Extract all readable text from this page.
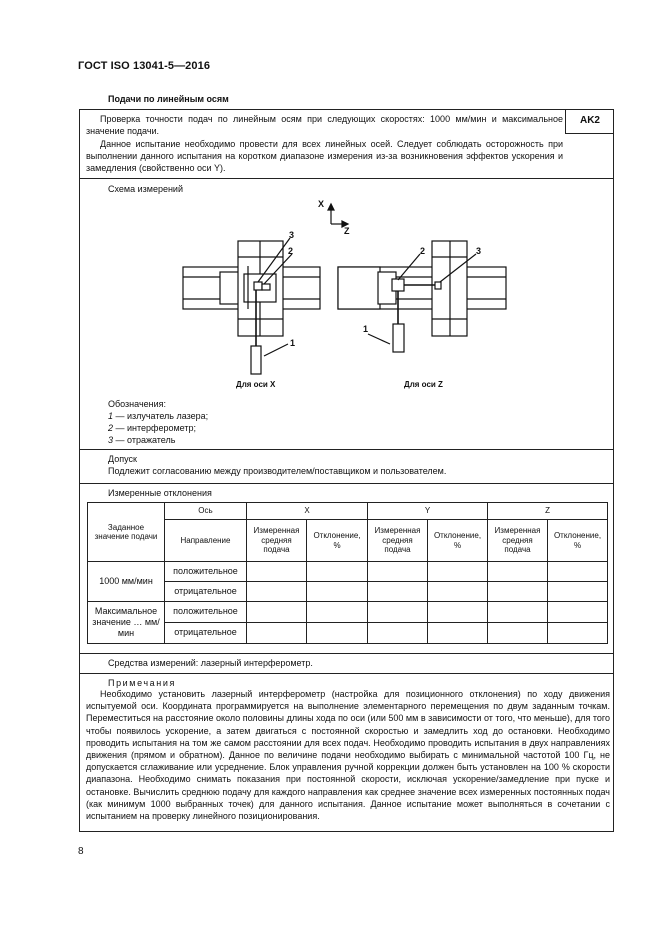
ГОСТ ISO 13041-5—2016
Подачи по линейным осям
AK2
Проверка точности подач по линейным осям при следующих скоростях: 1000 мм/мин и максимальное значение подачи.
Данное испытание необходимо провести для всех линейных осей. Следует соблюдать осторожность при выполнении данного испытания на коротком диапазоне измерения из-за возникновения эффектов ускорения и замедления (свойственно оси Y).
Схема измерений
X
Z
3
2
1
2	3
1
Для оси X	Для оси Z
Обозначения:
1 — излучатель лазера;
2 — интерферометр;
3 — отражатель
Допуск
Подлежит согласованию между производителем/поставщиком и пользователем.
Измеренные отклонения
Заданное значение подачи	Ось	X		Y		Z	
	Направление	Измеренная средняя подача	Отклонение, %	Измеренная средняя подача	Отклонение, %	Измеренная средняя подача	Отклонение, %

1000 мм/мин	положительное						
	отрицательное						
Максимальное значение … мм/мин	положительное						
	отрицательное						
Средства измерений: лазерный интерферометр.
Примечания
Необходимо установить лазерный интерферометр (настройка для позиционного отклонения) по ходу движения испытуемой оси. Координата программируется на выполнение элементарного перемещения по двум заданным точкам. Переместиться на расстояние около половины длины хода по оси (или 500 мм в зависимости от того, что меньше), для того чтобы появилось ускорение, а затем двигаться с постоянной скоростью и замедлить ход до остановки. Необходимо проводить испытания на том же самом расстоянии для всех подач. Необходимо проводить испытания в двух направлениях движения (прямом и обратном). Данное по величине подачи необходимо выбирать с минимальной частотой 100 Гц, не допускается сглаживание или усреднение. Блок управления ручной коррекции должен быть установлен на 100 % скорости диапазона. Необходимо снимать показания при постоянной скорости, исключая ускорение/замедление при пуске и остановке. Вычислить среднюю подачу для каждого направления как среднее значение всех измеренных постоянных подач (как минимум 1000 выбранных точек) для данного испытания. Данное испытание может выполняться в сочетании с испытанием на проверку линейного позиционирования.
8
